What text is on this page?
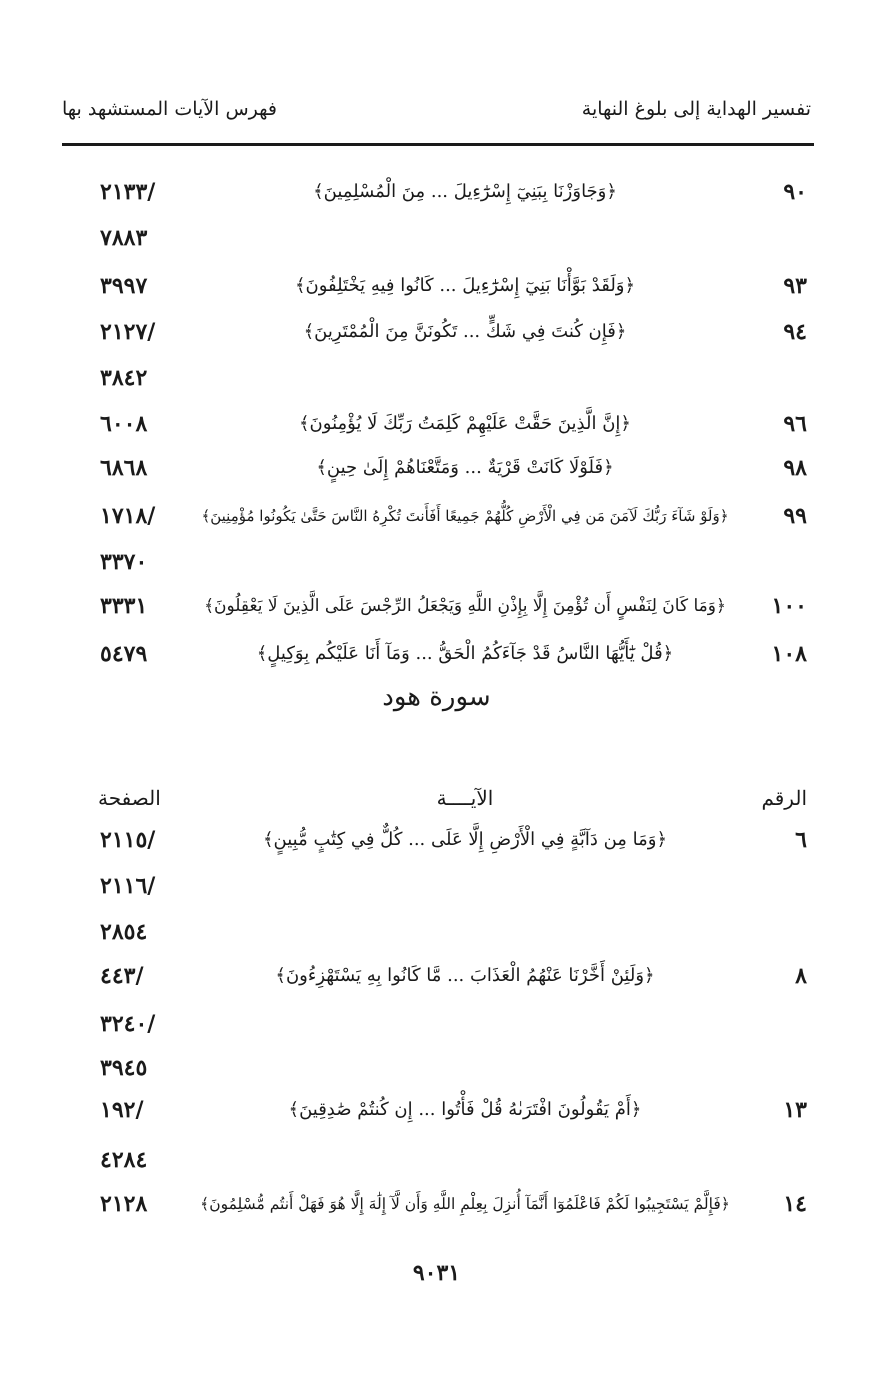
تفسير الهداية إلى بلوغ النهاية
فهرس الآيات المستشهد بها
٩٠
﴿وَجَاوَزْنَا بِبَنِيٓ إِسْرَٰٓءِيلَ ... مِنَ الْمُسْلِمِينَ﴾
/٢١٣٣
٧٨٨٣
٩٣
﴿وَلَقَدْ بَوَّأْنَا بَنِيٓ إِسْرَٰٓءِيلَ ... كَانُوا فِيهِ يَخْتَلِفُونَ﴾
٣٩٩٧
٩٤
﴿فَإِن كُنتَ فِي شَكٍّ ... تَكُونَنَّ مِنَ الْمُمْتَرِينَ﴾
/٢١٢٧
٣٨٤٢
٩٦
﴿إِنَّ الَّذِينَ حَقَّتْ عَلَيْهِمْ كَلِمَتُ رَبِّكَ لَا يُؤْمِنُونَ﴾
٦٠٠٨
٩٨
﴿فَلَوْلَا كَانَتْ قَرْيَةٌ ... وَمَتَّعْنَاهُمْ إِلَىٰ حِينٍ﴾
٦٨٦٨
٩٩
﴿وَلَوْ شَآءَ رَبُّكَ لَآمَنَ مَن فِي الْأَرْضِ كُلُّهُمْ جَمِيعًا أَفَأَنتَ تُكْرِهُ النَّاسَ حَتَّىٰ يَكُونُوا مُؤْمِنِينَ﴾
/١٧١٨
٣٣٧٠
١٠٠
﴿وَمَا كَانَ لِنَفْسٍ أَن تُؤْمِنَ إِلَّا بِإِذْنِ اللَّهِ وَيَجْعَلُ الرِّجْسَ عَلَى الَّذِينَ لَا يَعْقِلُونَ﴾
٣٣٣١
١٠٨
﴿قُلْ يَٰٓأَيُّهَا النَّاسُ قَدْ جَآءَكُمُ الْحَقُّ ... وَمَآ أَنَا عَلَيْكُم بِوَكِيلٍ﴾
٥٤٧٩
سورة هود
الرقم
الآيــــة
الصفحة
٦
﴿وَمَا مِن دَآبَّةٍ فِي الْأَرْضِ إِلَّا عَلَى ... كُلٌّ فِي كِتَٰبٍ مُّبِينٍ﴾
/٢١١٥
/٢١١٦
٢٨٥٤
٨
﴿وَلَئِنْ أَخَّرْنَا عَنْهُمُ الْعَذَابَ ... مَّا كَانُوا بِهِ يَسْتَهْزِءُونَ﴾
/٤٤٣
/٣٢٤٠
٣٩٤٥
١٣
﴿أَمْ يَقُولُونَ افْتَرَىٰهُ قُلْ فَأْتُوا ... إِن كُنتُمْ صَٰدِقِينَ﴾
/١٩٢
٤٢٨٤
١٤
﴿فَإِلَّمْ يَسْتَجِيبُوا لَكُمْ فَاعْلَمُوٓا أَنَّمَآ أُنزِلَ بِعِلْمِ اللَّهِ وَأَن لَّآ إِلَٰهَ إِلَّا هُوَ فَهَلْ أَنتُم مُّسْلِمُونَ﴾
٢١٢٨
٩٠٣١
